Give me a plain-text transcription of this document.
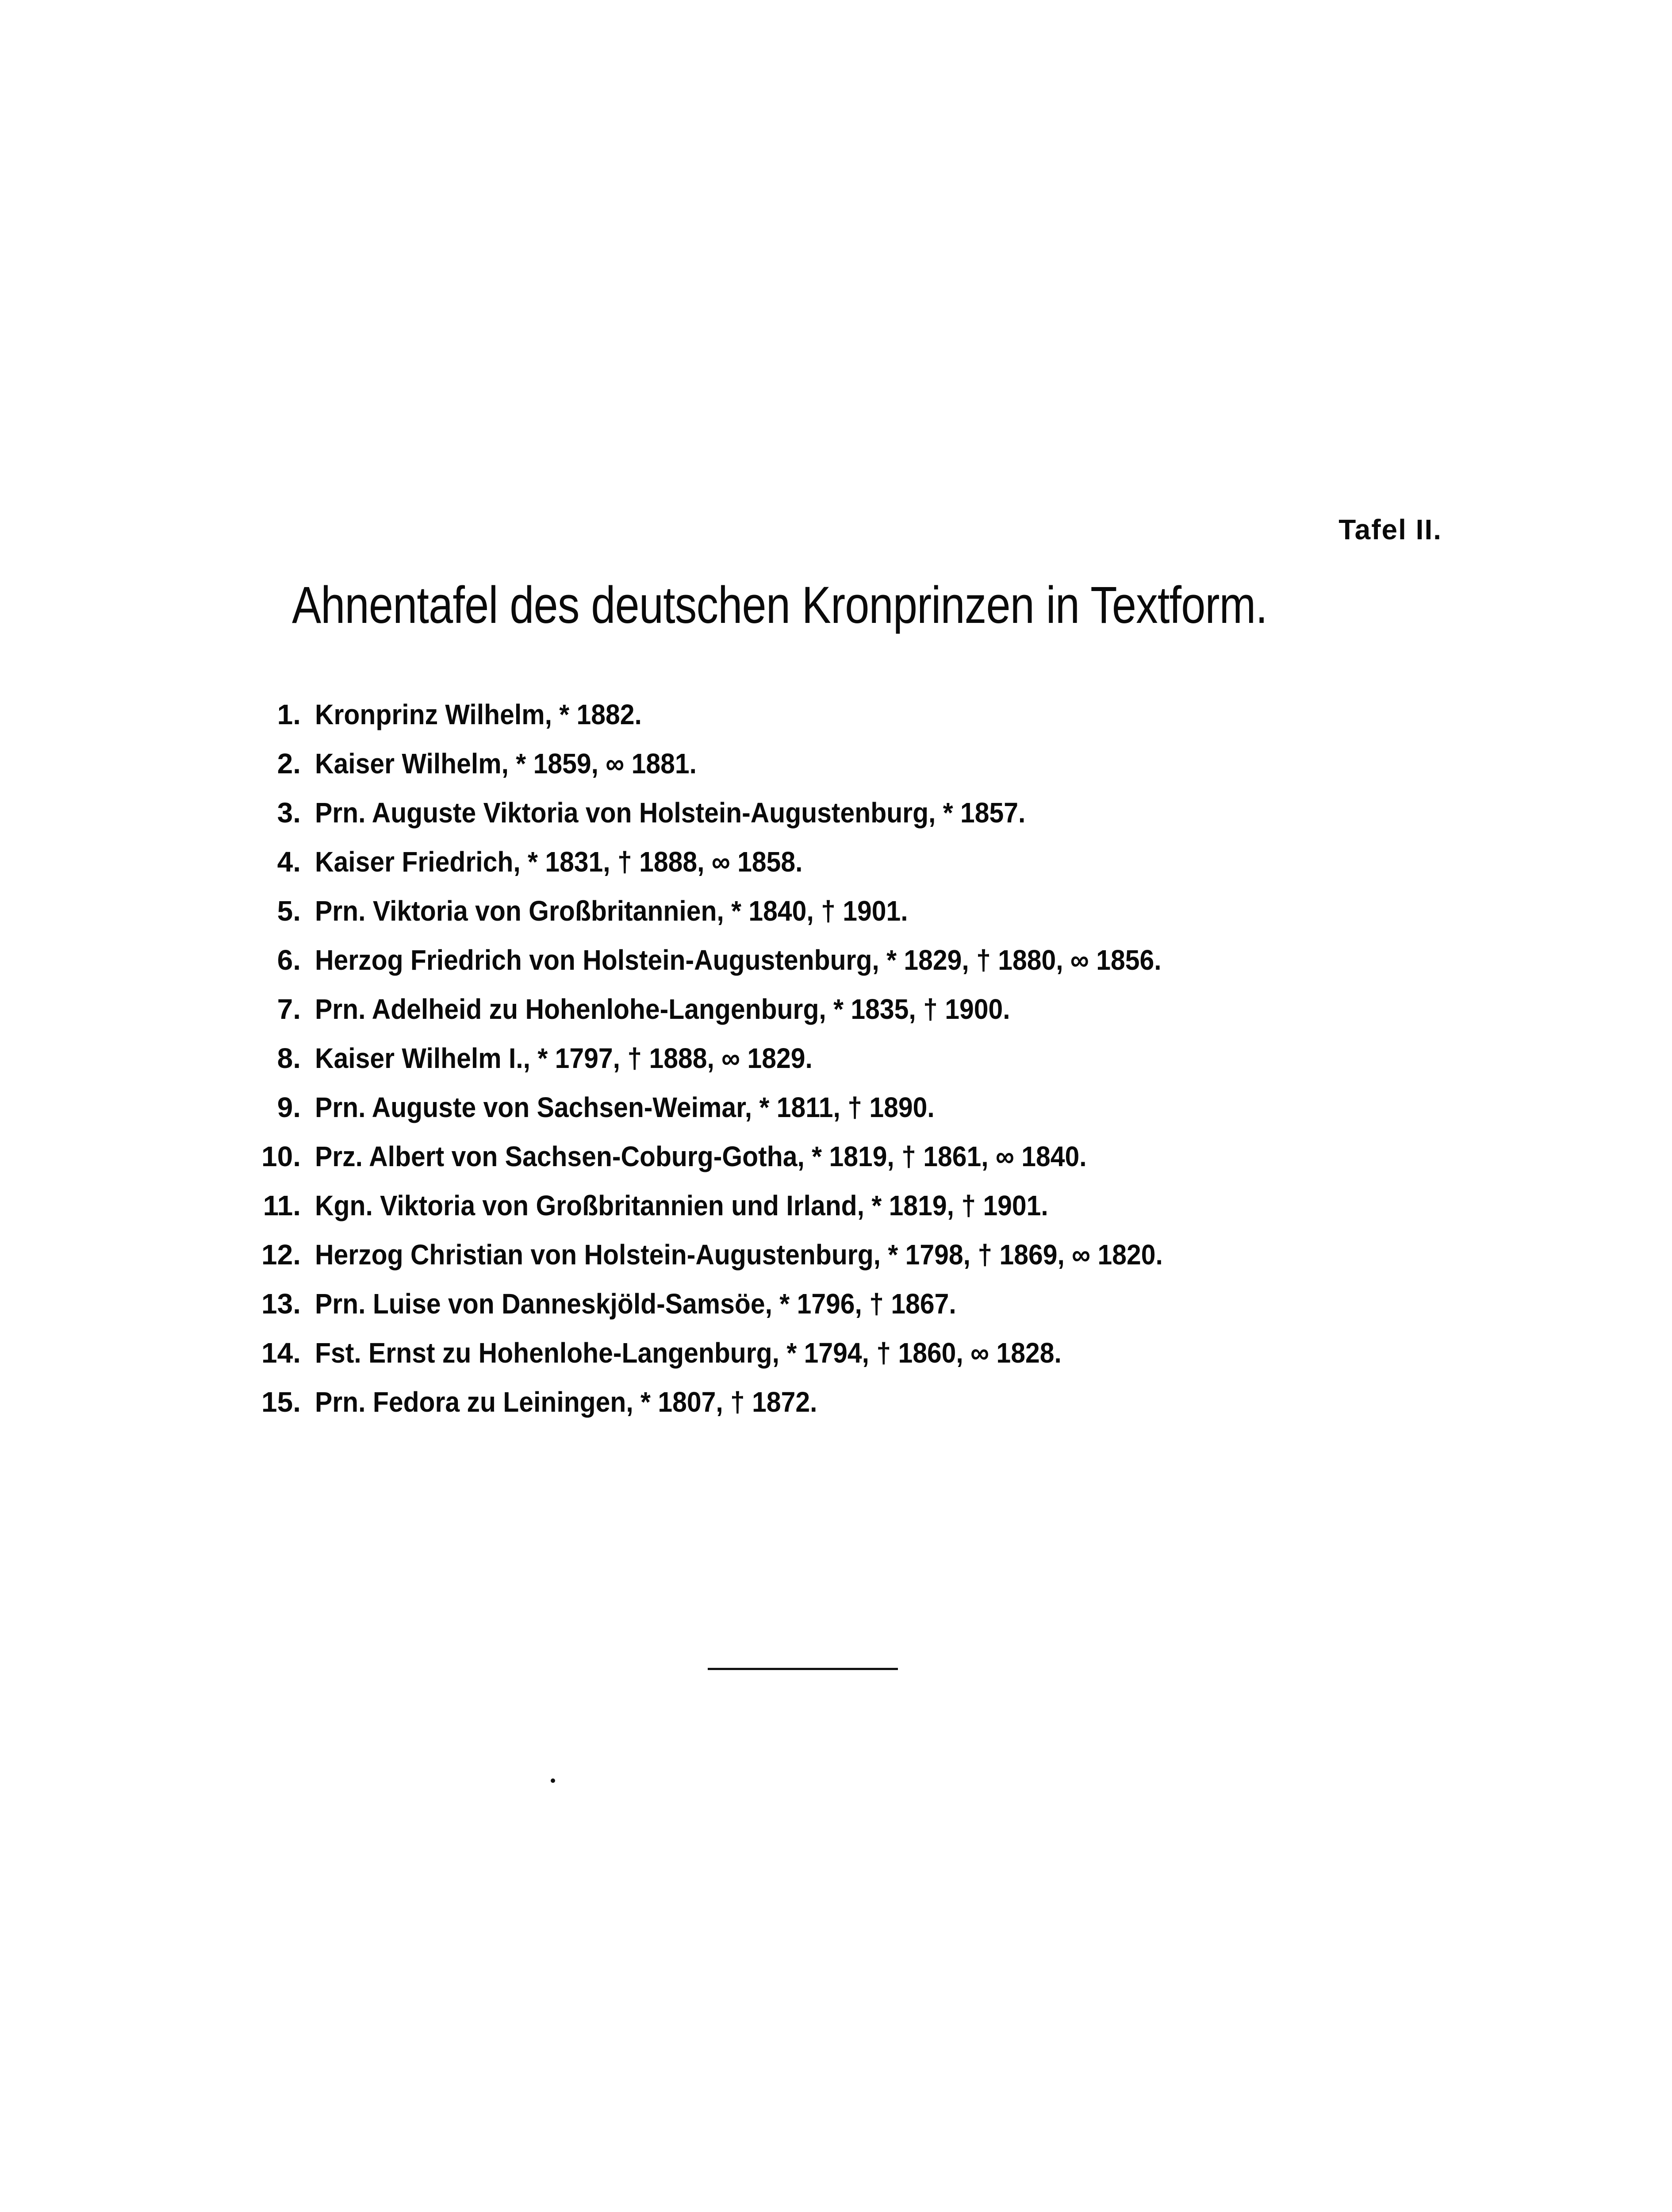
Tafel II.
Ahnentafel des deutschen Kronprinzen in Textform.
1. Kronprinz Wilhelm, * 1882.
2. Kaiser Wilhelm, * 1859, ∞ 1881.
3. Prn. Auguste Viktoria von Holstein-Augustenburg, * 1857.
4. Kaiser Friedrich, * 1831, † 1888, ∞ 1858.
5. Prn. Viktoria von Großbritannien, * 1840, † 1901.
6. Herzog Friedrich von Holstein-Augustenburg, * 1829, † 1880, ∞ 1856.
7. Prn. Adelheid zu Hohenlohe-Langenburg, * 1835, † 1900.
8. Kaiser Wilhelm I., * 1797, † 1888, ∞ 1829.
9. Prn. Auguste von Sachsen-Weimar, * 1811, † 1890.
10. Prz. Albert von Sachsen-Coburg-Gotha, * 1819, † 1861, ∞ 1840.
11. Kgn. Viktoria von Großbritannien und Irland, * 1819, † 1901.
12. Herzog Christian von Holstein-Augustenburg, * 1798, † 1869, ∞ 1820.
13. Prn. Luise von Danneskjöld-Samsöe, * 1796, † 1867.
14. Fst. Ernst zu Hohenlohe-Langenburg, * 1794, † 1860, ∞ 1828.
15. Prn. Fedora zu Leiningen, * 1807, † 1872.
